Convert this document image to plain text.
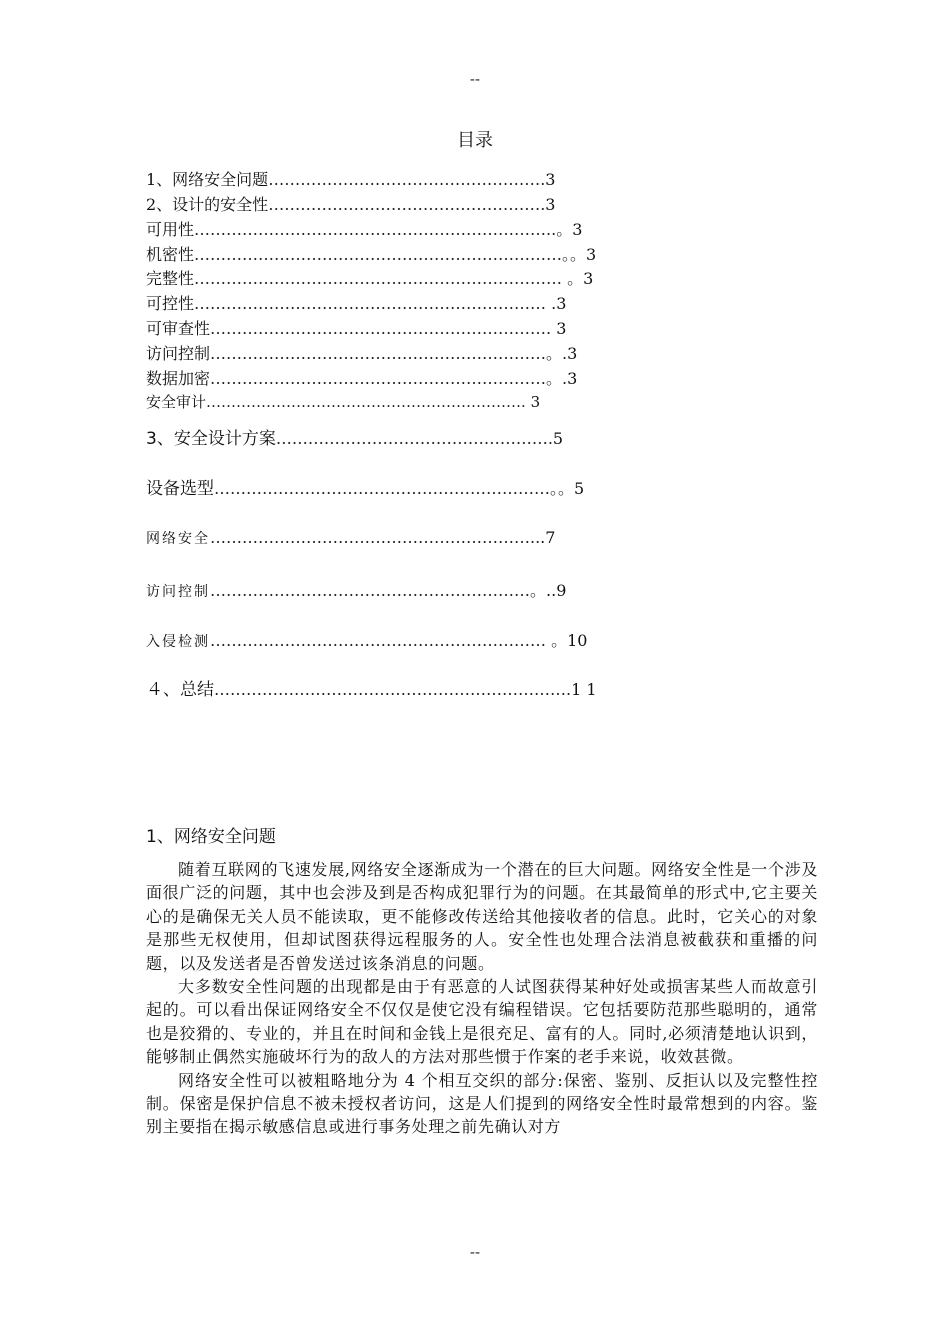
--
目录
1、网络安全问题…………………………………………….3
2、设计的安全性…………………………………………….3
可用性…………………………………………………………..。3
机密性……………………………………………………………。。3
完整性…………………………………………………………… 。3
可控性………………………………………………………… .3
可审查性………………………………………………………. 3
访问控制………………………………………………………。.3
数据加密………………………………………………………。.3
安全审计………………………………………………………. 3
3、安全设计方案…………………………………………….5
设备选型………………………………………………………。。5
网络安全……………………………………………………...7
访问控制……………………………………………………。..9
入侵检测……………………………………………………… 。10
４、总结………………………………………………………….1 1
1、网络安全问题

随着互联网的飞速发展,网络安全逐渐成为一个潜在的巨大问题。网络安全性是一个涉及面很广泛的问题，其中也会涉及到是否构成犯罪行为的问题。在其最简单的形式中,它主要关心的是确保无关人员不能读取，更不能修改传送给其他接收者的信息。此时，它关心的对象是那些无权使用，但却试图获得远程服务的人。安全性也处理合法消息被截获和重播的问题，以及发送者是否曾发送过该条消息的问题。

大多数安全性问题的出现都是由于有恶意的人试图获得某种好处或损害某些人而故意引起的。可以看出保证网络安全不仅仅是使它没有编程错误。它包括要防范那些聪明的，通常也是狡猾的、专业的，并且在时间和金钱上是很充足、富有的人。同时,必须清楚地认识到，能够制止偶然实施破坏行为的敌人的方法对那些惯于作案的老手来说，收效甚微。

网络安全性可以被粗略地分为 4 个相互交织的部分:保密、鉴别、反拒认以及完整性控制。保密是保护信息不被未授权者访问，这是人们提到的网络安全性时最常想到的内容。鉴别主要指在揭示敏感信息或进行事务处理之前先确认对方

--
